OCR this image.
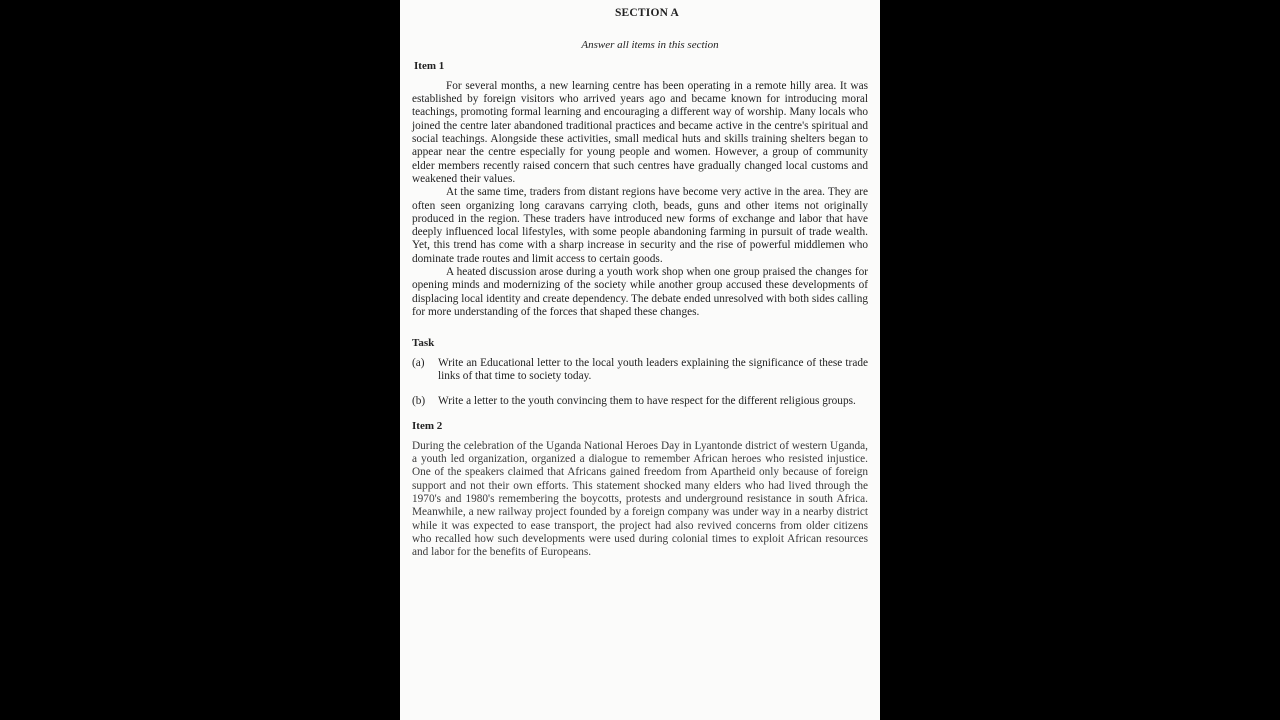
SECTION A
Answer all items in this section
Item 1

For several months, a new learning centre has been operating in a remote hilly area. It was established by foreign visitors who arrived years ago and became known for introducing moral teachings, promoting formal learning and encouraging a different way of worship. Many locals who joined the centre later abandoned traditional practices and became active in the centre's spiritual and social teachings. Alongside these activities, small medical huts and skills training shelters began to appear near the centre especially for young people and women. However, a group of community elder members recently raised concern that such centres have gradually changed local customs and weakened their values.

At the same time, traders from distant regions have become very active in the area. They are often seen organizing long caravans carrying cloth, beads, guns and other items not originally produced in the region. These traders have introduced new forms of exchange and labor that have deeply influenced local lifestyles, with some people abandoning farming in pursuit of trade wealth. Yet, this trend has come with a sharp increase in security and the rise of powerful middlemen who dominate trade routes and limit access to certain goods.

A heated discussion arose during a youth work shop when one group praised the changes for opening minds and modernizing of the society while another group accused these developments of displacing local identity and create dependency. The debate ended unresolved with both sides calling for more understanding of the forces that shaped these changes.

Task
(a)	Write an Educational letter to the local youth leaders explaining the significance of these trade links of that time to society today.
(b)	Write a letter to the youth convincing them to have respect for the different religious groups.
Item 2

During the celebration of the Uganda National Heroes Day in Lyantonde district of western Uganda, a youth led organization, organized a dialogue to remember African heroes who resisted injustice. One of the speakers claimed that Africans gained freedom from Apartheid only because of foreign support and not their own efforts. This statement shocked many elders who had lived through the 1970's and 1980's remembering the boycotts, protests and underground resistance in south Africa. Meanwhile, a new railway project founded by a foreign company was under way in a nearby district while it was expected to ease transport, the project had also revived concerns from older citizens who recalled how such developments were used during colonial times to exploit African resources and labor for the benefits of Europeans.
